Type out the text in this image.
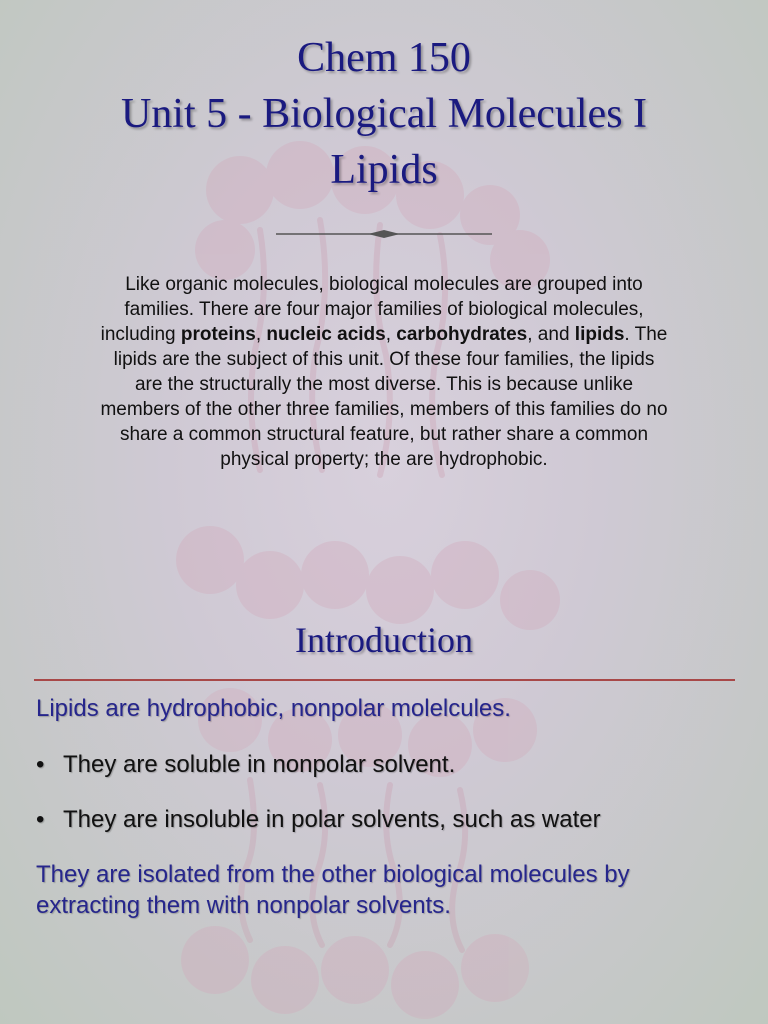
Chem 150
Unit 5 - Biological Molecules I
Lipids

Like organic molecules, biological molecules are grouped into families. There are four major families of biological molecules, including proteins, nucleic acids, carbohydrates, and lipids. The lipids are the subject of this unit. Of these four families, the lipids are the structurally the most diverse. This is because unlike members of the other three families, members of this families do no share a common structural feature, but rather share a common physical property; the are hydrophobic.

Introduction

Lipids are hydrophobic, nonpolar molelcules.

• They are soluble in nonpolar solvent.
• They are insoluble in polar solvents, such as water

They are isolated from the other biological molecules by extracting them with nonpolar solvents.
